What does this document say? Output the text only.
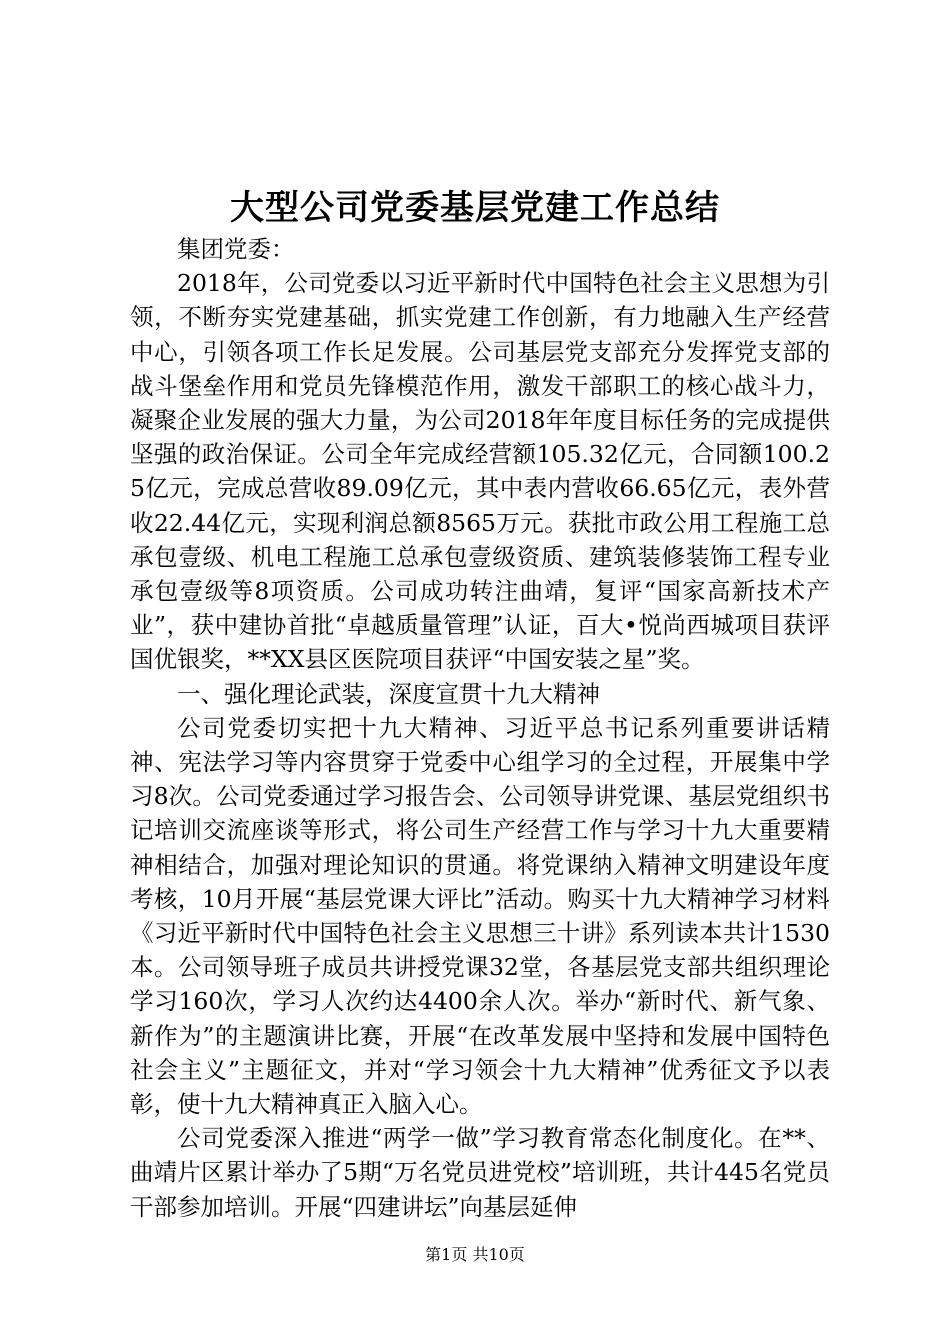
大型公司党委基层党建工作总结

集团党委：

2018年，公司党委以习近平新时代中国特色社会主义思想为引领，不断夯实党建基础，抓实党建工作创新，有力地融入生产经营中心，引领各项工作长足发展。公司基层党支部充分发挥党支部的战斗堡垒作用和党员先锋模范作用，激发干部职工的核心战斗力，凝聚企业发展的强大力量，为公司2018年年度目标任务的完成提供坚强的政治保证。公司全年完成经营额105.32亿元，合同额100.25亿元，完成总营收89.09亿元，其中表内营收66.65亿元，表外营收22.44亿元，实现利润总额8565万元。获批市政公用工程施工总承包壹级、机电工程施工总承包壹级资质、建筑装修装饰工程专业承包壹级等8项资质。公司成功转注曲靖，复评“国家高新技术产业”，获中建协首批“卓越质量管理”认证，百大•悦尚西城项目获评国优银奖，**XX县区医院项目获评“中国安装之星”奖。

一、强化理论武装，深度宣贯十九大精神

公司党委切实把十九大精神、习近平总书记系列重要讲话精神、宪法学习等内容贯穿于党委中心组学习的全过程，开展集中学习8次。公司党委通过学习报告会、公司领导讲党课、基层党组织书记培训交流座谈等形式，将公司生产经营工作与学习十九大重要精神相结合，加强对理论知识的贯通。将党课纳入精神文明建设年度考核，10月开展“基层党课大评比”活动。购买十九大精神学习材料《习近平新时代中国特色社会主义思想三十讲》系列读本共计1530本。公司领导班子成员共讲授党课32堂，各基层党支部共组织理论学习160次，学习人次约达4400余人次。举办“新时代、新气象、新作为”的主题演讲比赛，开展“在改革发展中坚持和发展中国特色社会主义”主题征文，并对“学习领会十九大精神”优秀征文予以表彰，使十九大精神真正入脑入心。

公司党委深入推进“两学一做”学习教育常态化制度化。在**、曲靖片区累计举办了5期“万名党员进党校”培训班，共计445名党员干部参加培训。开展“四建讲坛”向基层延伸

第1页 共10页
